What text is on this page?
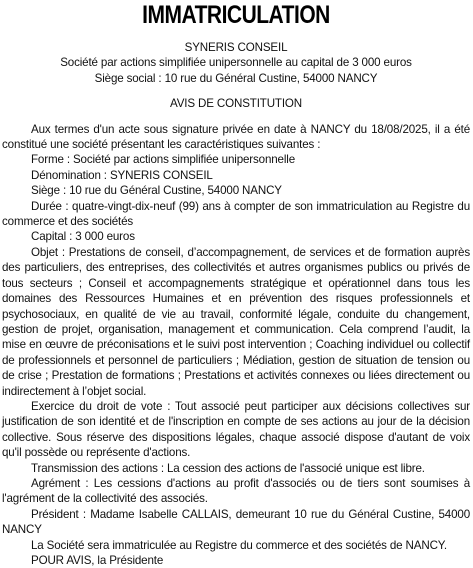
IMMATRICULATION
SYNERIS CONSEIL
Société par actions simplifiée unipersonnelle au capital de 3 000 euros
Siège social : 10 rue du Général Custine, 54000 NANCY
AVIS DE CONSTITUTION

Aux termes d'un acte sous signature privée en date à NANCY du 18/08/2025, il a été constitué une société présentant les caractéristiques suivantes :

Forme : Société par actions simplifiée unipersonnelle

Dénomination : SYNERIS CONSEIL

Siège : 10 rue du Général Custine, 54000 NANCY

Durée : quatre-vingt-dix-neuf (99) ans à compter de son immatriculation au Registre du commerce et des sociétés

Capital : 3 000 euros

Objet : Prestations de conseil, d’accompagnement, de services et de formation auprès des particuliers, des entreprises, des collectivités et autres organismes publics ou privés de tous secteurs ; Conseil et accompagnements stratégique et opérationnel dans tous les domaines des Ressources Humaines et en prévention des risques professionnels et psychosociaux, en qualité de vie au travail, conformité légale, conduite du changement, gestion de projet, organisation, management et communication. Cela comprend l’audit, la mise en œuvre de préconisations et le suivi post intervention ; Coaching individuel ou collectif de professionnels et personnel de particuliers ; Médiation, gestion de situation de tension ou de crise ; Prestation de formations ; Prestations et activités connexes ou liées directement ou indirectement à l’objet social.

Exercice du droit de vote : Tout associé peut participer aux décisions collectives sur justification de son identité et de l'inscription en compte de ses actions au jour de la décision collective. Sous réserve des dispositions légales, chaque associé dispose d'autant de voix qu'il possède ou représente d'actions.

Transmission des actions : La cession des actions de l'associé unique est libre.

Agrément : Les cessions d'actions au profit d'associés ou de tiers sont soumises à l'agrément de la collectivité des associés.

Président : Madame Isabelle CALLAIS, demeurant 10 rue du Général Custine, 54000 NANCY

La Société sera immatriculée au Registre du commerce et des sociétés de NANCY.

POUR AVIS, la Présidente
